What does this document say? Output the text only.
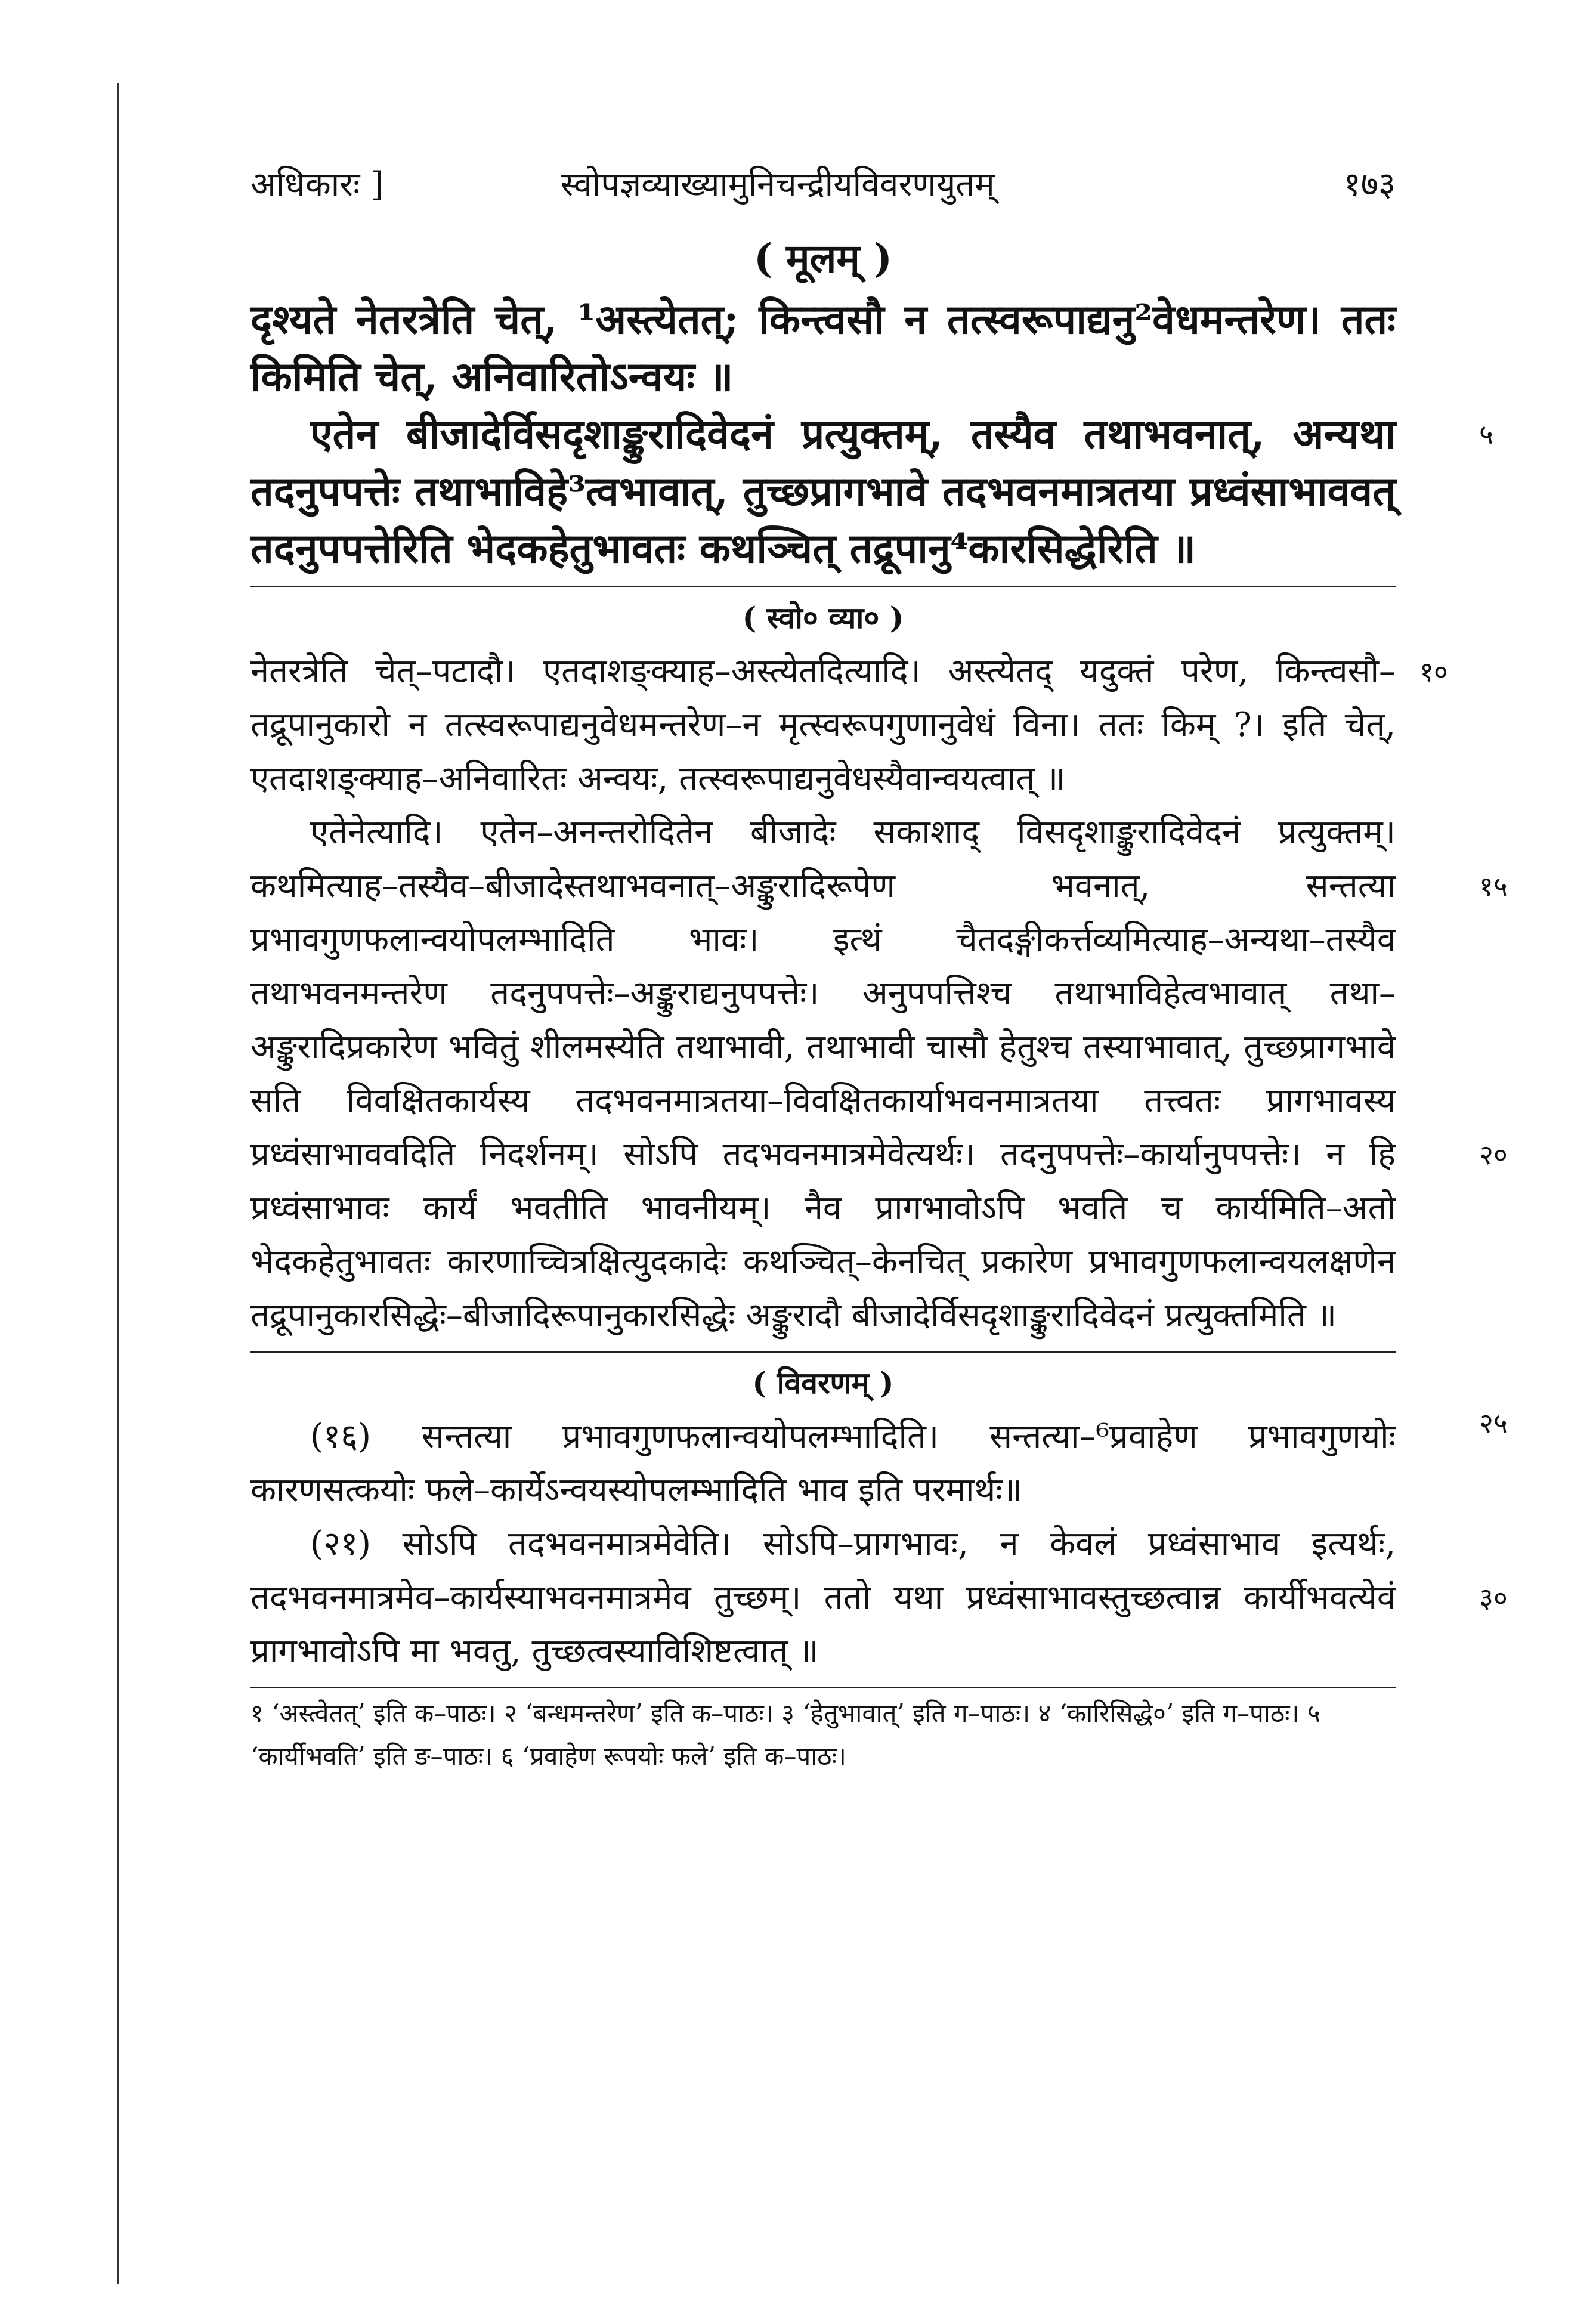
अधिकारः ]	स्वोपज्ञव्याख्यामुनिचन्द्रीयविवरणयुतम्	१७३
( मूलम् )

दृश्यते नेतरत्रेति चेत्, ¹अस्त्येतत्; किन्त्वसौ न तत्स्वरूपाद्यनु²वेधमन्तरेण। ततः किमिति चेत्, अनिवारितोऽन्वयः ॥

५
एतेन बीजादेर्विसदृशाङ्कुरादिवेदनं प्रत्युक्तम्, तस्यैव तथाभवनात्, अन्यथा तदनुपपत्तेः तथाभाविहे³त्वभावात्, तुच्छप्रागभावे तदभवनमात्रतया प्रध्वंसाभाववत् तदनुपपत्तेरिति भेदकहेतुभावतः कथञ्चित् तद्रूपानु⁴कारसिद्धेरिति ॥

( स्वो० व्या० )

१०
नेतरत्रेति चेत्–पटादौ। एतदाशङ्क्याह–अस्त्येतदित्यादि। अस्त्येतद् यदुक्तं परेण, किन्त्वसौ–तद्रूपानुकारो न तत्स्वरूपाद्यनुवेधमन्तरेण–न मृत्स्वरूपगुणानुवेधं विना। ततः किम् ?। इति चेत्, एतदाशङ्क्याह–अनिवारितः अन्वयः, तत्स्वरूपाद्यनुवेधस्यैवान्वयत्वात् ॥

१५
२०
२५
एतेनेत्यादि। एतेन–अनन्तरोदितेन बीजादेः सकाशाद् विसदृशाङ्कुरादिवेदनं प्रत्युक्तम्। कथमित्याह–तस्यैव–बीजादेस्तथाभवनात्–अङ्कुरादिरूपेण भवनात्, सन्तत्या प्रभावगुणफलान्वयोपलम्भादिति भावः। इत्थं चैतदङ्गीकर्त्तव्यमित्याह–अन्यथा–तस्यैव तथाभवनमन्तरेण तदनुपपत्तेः–अङ्कुराद्यनुपपत्तेः। अनुपपत्तिश्च तथाभाविहेत्वभावात् तथा–अङ्कुरादिप्रकारेण भवितुं शीलमस्येति तथाभावी, तथाभावी चासौ हेतुश्च तस्याभावात्, तुच्छप्रागभावे सति विवक्षितकार्यस्य तदभवनमात्रतया–विवक्षितकार्याभवनमात्रतया तत्त्वतः प्रागभावस्य प्रध्वंसाभाववदिति निदर्शनम्। सोऽपि तदभवनमात्रमेवेत्यर्थः। तदनुपपत्तेः–कार्यानुपपत्तेः। न हि प्रध्वंसाभावः कार्यं भवतीति भावनीयम्। नैव प्रागभावोऽपि भवति च कार्यमिति–अतो भेदकहेतुभावतः कारणाच्चित्रक्षित्युदकादेः कथञ्चित्–केनचित् प्रकारेण प्रभावगुणफलान्वयलक्षणेन तद्रूपानुकारसिद्धेः–बीजादिरूपानुकारसिद्धेः अङ्कुरादौ बीजादेर्विसदृशाङ्कुरादिवेदनं प्रत्युक्तमिति ॥

( विवरणम् )

(१६) सन्तत्या प्रभावगुणफलान्वयोपलम्भादिति। सन्तत्या–⁶प्रवाहेण प्रभावगुणयोः कारणसत्कयोः फले–कार्येऽन्वयस्योपलम्भादिति भाव इति परमार्थः॥

३०
(२१) सोऽपि तदभवनमात्रमेवेति। सोऽपि–प्रागभावः, न केवलं प्रध्वंसाभाव इत्यर्थः, तदभवनमात्रमेव–कार्यस्याभवनमात्रमेव तुच्छम्। ततो यथा प्रध्वंसाभावस्तुच्छत्वान्न कार्यीभवत्येवं प्रागभावोऽपि मा भवतु, तुच्छत्वस्याविशिष्टत्वात् ॥

१ ‘अस्त्वेतत्’ इति क–पाठः। २ ‘बन्धमन्तरेण’ इति क–पाठः। ३ ‘हेतुभावात्’ इति ग–पाठः। ४ ‘कारिसिद्धे०’ इति ग–पाठः। ५ ‘कार्यीभवति’ इति ङ–पाठः। ६ ‘प्रवाहेण रूपयोः फले’ इति क–पाठः।
